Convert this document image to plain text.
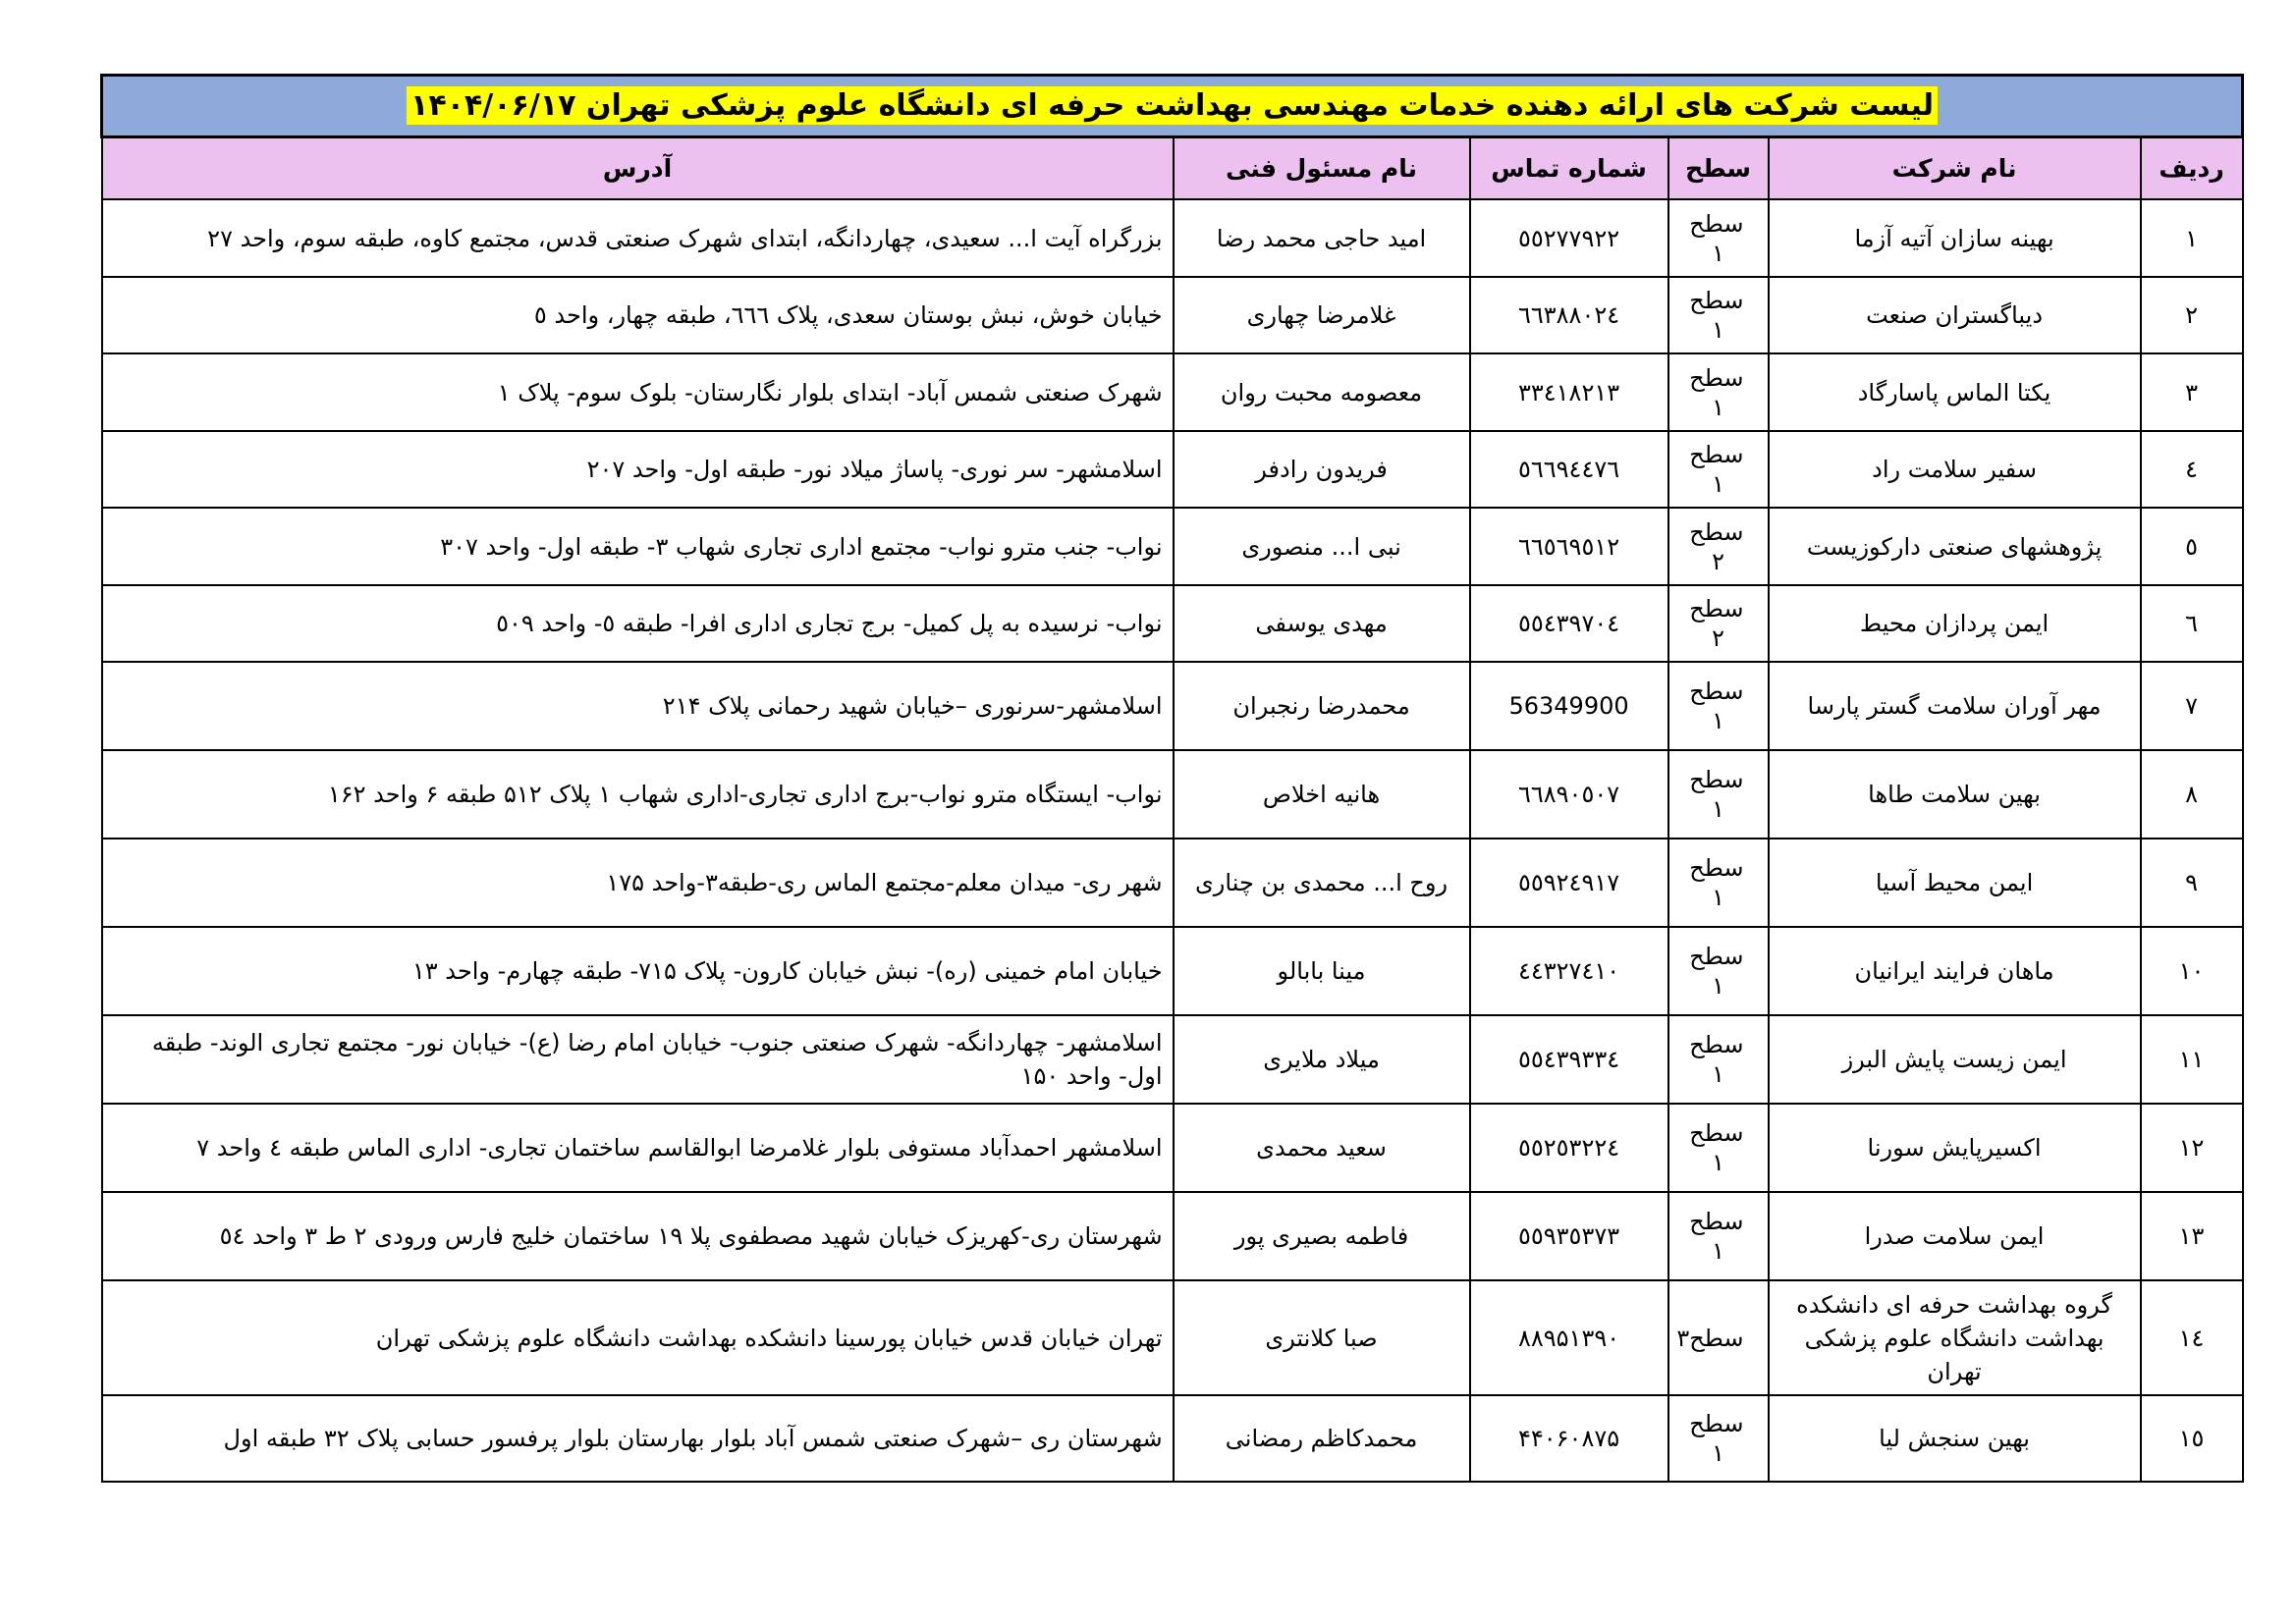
لیست شرکت های ارائه دهنده خدمات مهندسی بهداشت حرفه ای دانشگاه علوم پزشکی تهران ۱۴۰۴/۰۶/۱۷					
ردیف	نام شرکت	سطح	شماره تماس	نام مسئول فنی	آدرس
۱	بهینه سازان آتیه آزما	سطح ۱	٥٥٢٧٧٩٢٢	امید حاجی محمد رضا	بزرگراه آیت ا... سعیدی، چهاردانگه، ابتدای شهرک صنعتی قدس، مجتمع کاوه، طبقه سوم، واحد ۲۷
۲	دیباگستران صنعت	سطح ۱	٦٦٣٨٨٠٢٤	غلامرضا چهاری	خیابان خوش، نبش بوستان سعدی، پلاک ٦٦٦، طبقه چهار، واحد ٥
۳	یکتا الماس پاسارگاد	سطح ۱	٣٣٤١٨٢١٣	معصومه محبت روان	شهرک صنعتی شمس آباد- ابتدای بلوار نگارستان- بلوک سوم- پلاک ۱
٤	سفیر سلامت راد	سطح ۱	٥٦٦٩٤٤٧٦	فریدون رادفر	اسلامشهر- سر نوری- پاساژ میلاد نور- طبقه اول- واحد ۲۰۷
٥	پژوهشهای صنعتی دارکوزیست	سطح ۲	٦٦٥٦٩٥١٢	نبی ا... منصوری	نواب- جنب مترو نواب- مجتمع اداری تجاری شهاب ۳- طبقه اول- واحد ۳۰۷
٦	ایمن پردازان محیط	سطح ۲	٥٥٤٣٩٧٠٤	مهدی یوسفی	نواب- نرسیده به پل کمیل- برج تجاری اداری افرا- طبقه ٥- واحد ٥٠٩
۷	مهر آوران سلامت گستر پارسا	سطح ۱	56349900	محمدرضا رنجبران	اسلامشهر-سرنوری –خیابان شهید رحمانی پلاک ۲۱۴
۸	بهین سلامت طاها	سطح ۱	٦٦٨٩٠٥٠٧	هانیه اخلاص	نواب- ایستگاه مترو نواب-برج اداری تجاری-اداری شهاب ۱ پلاک ۵۱۲ طبقه ۶ واحد ۱۶۲
۹	ایمن محیط آسیا	سطح ۱	٥٥٩٢٤٩١٧	روح ا... محمدی بن چناری	شهر ری- میدان معلم-مجتمع الماس ری-طبقه۳-واحد ۱۷۵
۱۰	ماهان فرایند ایرانیان	سطح ۱	٤٤٣٢٧٤١٠	مینا بابالو	خیابان امام خمینی (ره)- نبش خیابان کارون- پلاک ۷۱۵- طبقه چهارم- واحد ۱۳
۱۱	ایمن زیست پایش البرز	سطح ۱	٥٥٤٣٩٣٣٤	میلاد ملایری	اسلامشهر- چهاردانگه- شهرک صنعتی جنوب- خیابان امام رضا (ع)- خیابان نور- مجتمع تجاری الوند- طبقه اول- واحد ۱۵۰
۱۲	اکسیرپایش سورنا	سطح ۱	٥٥٢٥٣٢٢٤	سعید محمدی	اسلامشهر احمدآباد مستوفی بلوار غلامرضا ابوالقاسم ساختمان تجاری- اداری الماس طبقه ٤ واحد ۷
۱۳	ایمن سلامت صدرا	سطح ۱	٥٥٩٣٥٣٧٣	فاطمه بصیری پور	شهرستان ری-کهریزک خیابان شهید مصطفوی پلا ۱۹ ساختمان خلیج فارس ورودی ۲ ط ۳ واحد ٥٤
۱٤	گروه بهداشت حرفه ای دانشکده بهداشت دانشگاه علوم پزشکی تهران	سطح۳	۸۸۹۵۱۳۹۰	صبا کلانتری	تهران خیابان قدس خیابان پورسینا دانشکده بهداشت دانشگاه علوم پزشکی تهران
۱٥	بهین سنجش لیا	سطح ۱	۴۴۰۶۰۸۷۵	محمدکاظم رمضانی	شهرستان ری –شهرک صنعتی شمس آباد بلوار بهارستان بلوار پرفسور حسابی پلاک ۳۲ طبقه اول
